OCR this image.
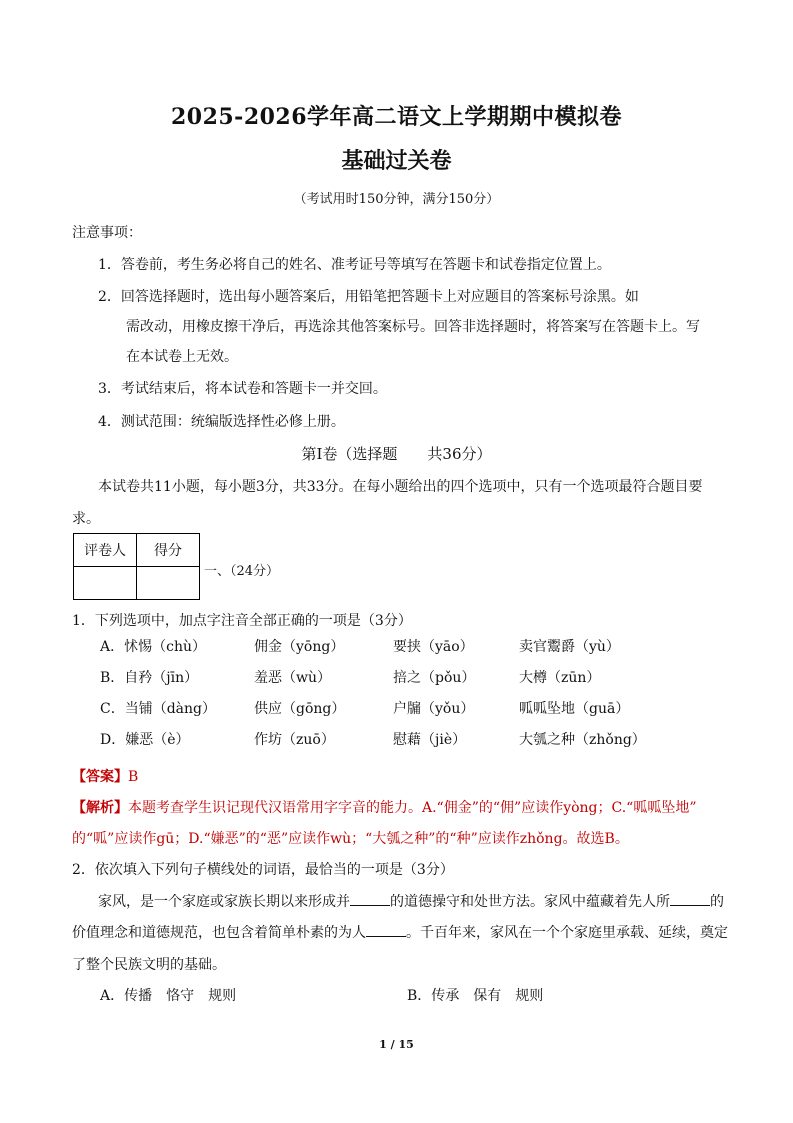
2025-2026学年高二语文上学期期中模拟卷
基础过关卷
（考试用时150分钟，满分150分）
注意事项：
1．答卷前，考生务必将自己的姓名、准考证号等填写在答题卡和试卷指定位置上。
2．回答选择题时，选出每小题答案后，用铅笔把答题卡上对应题目的答案标号涂黑。如
需改动，用橡皮擦干净后，再选涂其他答案标号。回答非选择题时，将答案写在答题卡上。写
在本试卷上无效。
3．考试结束后，将本试卷和答题卡一并交回。
4．测试范围：统编版选择性必修上册。
第Ⅰ卷（选择题　　共36分）
本试卷共11小题，每小题3分，共33分。在每小题给出的四个选项中，只有一个选项最符合题目要
求。
评卷人	得分

一、（24分）
1．下列选项中，加点字注音全部正确的一项是（3分）
A．怵惕（chù）	佣金（yōng）	要挟（yāo）	卖官鬻爵（yù）
B．自矜（jīn）	羞恶（wù）	掊之（pǒu）	大樽（zūn）
C．当铺（dàng）	供应（gōng）	户牖（yǒu）	呱呱坠地（guā）
D．嫌恶（è）	作坊（zuō）	慰藉（jiè）	大瓠之种（zhǒng）
【答案】B
【解析】本题考查学生识记现代汉语常用字字音的能力。A.“佣金”的“佣”应读作yòng；C.“呱呱坠地”
的“呱”应读作gū；D.“嫌恶”的“恶”应读作wù；“大瓠之种”的“种”应读作zhǒng。故选B。
2．依次填入下列句子横线处的词语，最恰当的一项是（3分）
家风，是一个家庭或家族长期以来形成并	的道德操守和处世方法。家风中蕴藏着先人所	的
价值理念和道德规范，也包含着简单朴素的为人	。千百年来，家风在一个个家庭里承载、延续，奠定
了整个民族文明的基础。
A．传播　恪守　规则	B．传承　保有　规则
1 / 15
